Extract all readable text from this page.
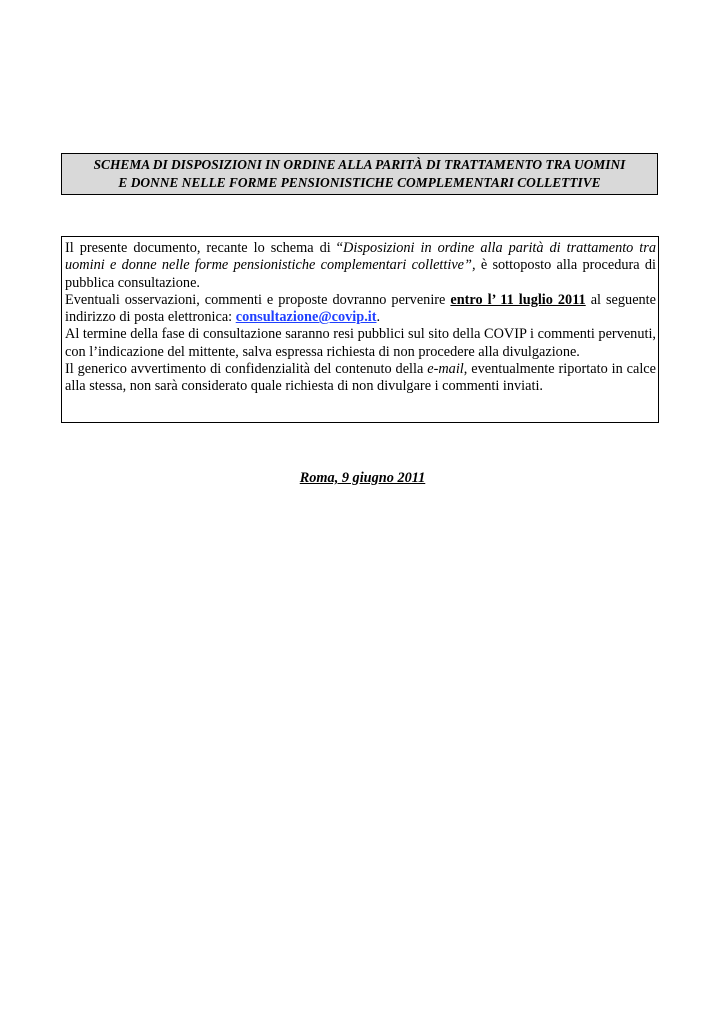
SCHEMA DI DISPOSIZIONI IN ORDINE ALLA PARITÀ DI TRATTAMENTO TRA UOMINI
E DONNE NELLE FORME PENSIONISTICHE COMPLEMENTARI COLLETTIVE

Il presente documento, recante lo schema di “Disposizioni in ordine alla parità di trattamento tra uomini e donne nelle forme pensionistiche complementari collettive”, è sottoposto alla procedura di pubblica consultazione.

Eventuali osservazioni, commenti e proposte dovranno pervenire entro l’ 11 luglio 2011 al seguente indirizzo di posta elettronica: consultazione@covip.it.

Al termine della fase di consultazione saranno resi pubblici sul sito della COVIP i commenti pervenuti, con l’indicazione del mittente, salva espressa richiesta di non procedere alla divulgazione.

Il generico avvertimento di confidenzialità del contenuto della e-mail, eventualmente riportato in calce alla stessa, non sarà considerato quale richiesta di non divulgare i commenti inviati.

Roma, 9 giugno 2011
